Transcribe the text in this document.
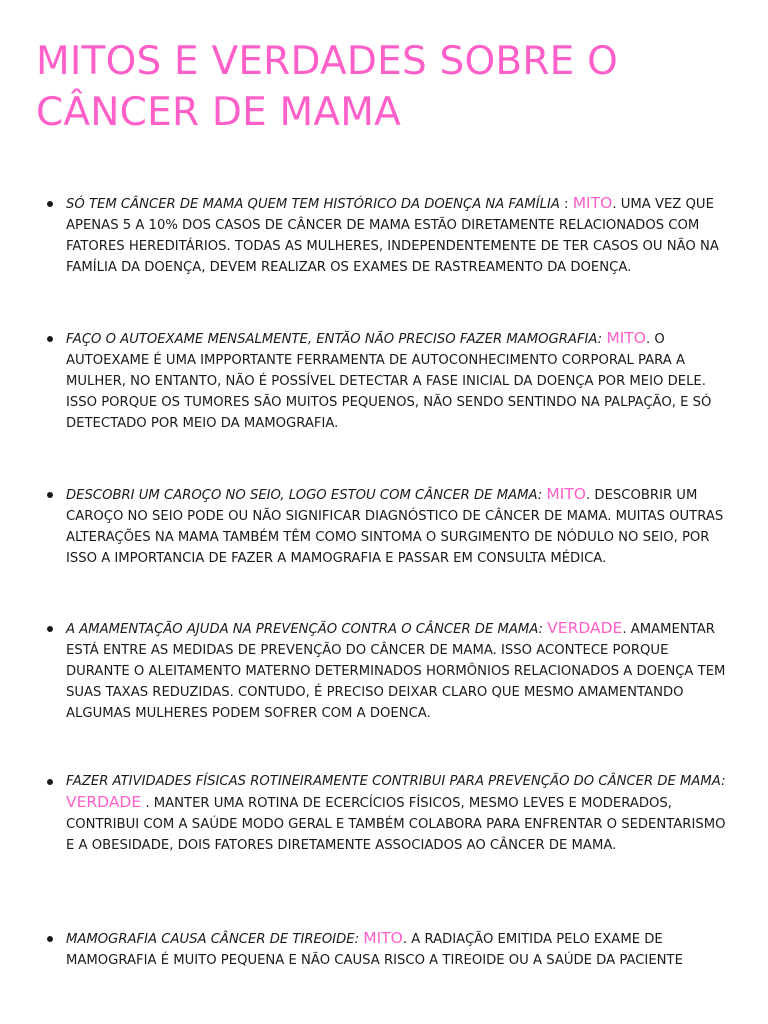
MITOS E VERDADES SOBRE O CÂNCER DE MAMA
SÓ TEM CÂNCER DE MAMA QUEM TEM HISTÓRICO DA DOENÇA NA FAMÍLIA : MITO. UMA VEZ QUE APENAS 5 A 10% DOS CASOS DE CÂNCER DE MAMA ESTÃO DIRETAMENTE RELACIONADOS COM FATORES HEREDITÁRIOS. TODAS AS MULHERES, INDEPENDENTEMENTE DE TER CASOS OU NÃO NA FAMÍLIA DA DOENÇA, DEVEM REALIZAR OS EXAMES DE RASTREAMENTO DA DOENÇA.
FAÇO O AUTOEXAME MENSALMENTE, ENTÃO NÃO PRECISO FAZER MAMOGRAFIA: MITO. O AUTOEXAME É UMA IMPPORTANTE FERRAMENTA DE AUTOCONHECIMENTO CORPORAL PARA A MULHER, NO ENTANTO, NÃO É POSSÍVEL DETECTAR A FASE INICIAL DA DOENÇA POR MEIO DELE. ISSO PORQUE OS TUMORES SÃO MUITOS PEQUENOS, NÃO SENDO SENTINDO NA PALPAÇÃO, E SÓ DETECTADO POR MEIO DA MAMOGRAFIA.
DESCOBRI UM CAROÇO NO SEIO, LOGO ESTOU COM CÂNCER DE MAMA: MITO. DESCOBRIR UM CAROÇO NO SEIO PODE OU NÃO SIGNIFICAR DIAGNÓSTICO DE CÂNCER DE MAMA. MUITAS OUTRAS ALTERAÇÕES NA MAMA TAMBÉM TÊM COMO SINTOMA O SURGIMENTO DE NÓDULO NO SEIO, POR ISSO A IMPORTANCIA DE FAZER A MAMOGRAFIA E PASSAR EM CONSULTA MÉDICA.
A AMAMENTAÇÃO AJUDA NA PREVENÇÃO CONTRA O CÂNCER DE MAMA: VERDADE. AMAMENTAR ESTÁ ENTRE AS MEDIDAS DE PREVENÇÃO DO CÂNCER DE MAMA. ISSO ACONTECE PORQUE DURANTE O ALEITAMENTO MATERNO DETERMINADOS HORMÔNIOS RELACIONADOS A DOENÇA TEM SUAS TAXAS REDUZIDAS. CONTUDO, É PRECISO DEIXAR CLARO QUE MESMO AMAMENTANDO ALGUMAS MULHERES PODEM SOFRER COM A DOENCA.
FAZER ATIVIDADES FÍSICAS ROTINEIRAMENTE CONTRIBUI PARA PREVENÇÃO DO CÂNCER DE MAMA: VERDADE . MANTER UMA ROTINA DE ECERCÍCIOS FÍSICOS, MESMO LEVES E MODERADOS, CONTRIBUI COM A SAÚDE MODO GERAL E TAMBÉM COLABORA PARA ENFRENTAR O SEDENTARISMO E A OBESIDADE, DOIS FATORES DIRETAMENTE ASSOCIADOS AO CÂNCER DE MAMA.
MAMOGRAFIA CAUSA CÂNCER DE TIREOIDE: MITO. A RADIAÇÃO EMITIDA PELO EXAME DE MAMOGRAFIA É MUITO PEQUENA E NÃO CAUSA RISCO A TIREOIDE OU A SAÚDE DA PACIENTE
